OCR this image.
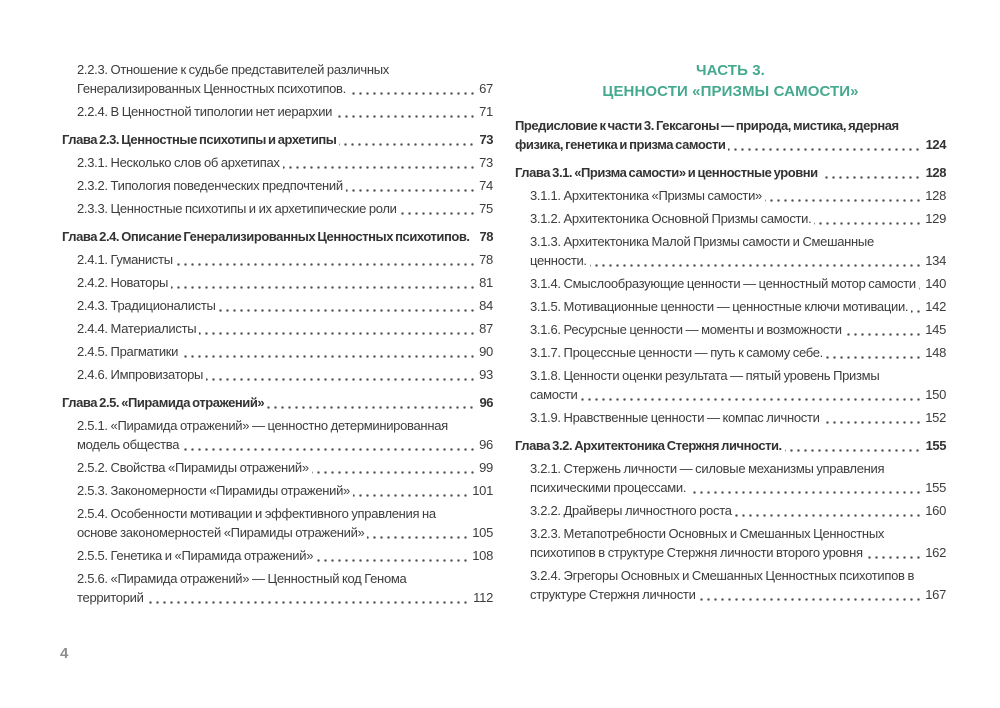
2.2.3. Отношение к судьбе представителей различных Генерализированных Ценностных психотипов.	67
2.2.4. В Ценностной типологии нет иерархии	71
Глава 2.3. Ценностные психотипы и архетипы	73
2.3.1. Несколько слов об архетипах	73
2.3.2. Типология поведенческих предпочтений	74
2.3.3. Ценностные психотипы и их архетипические роли	75
Глава 2.4. Описание Генерализированных Ценностных психотипов. 78
2.4.1. Гуманисты	78
2.4.2. Новаторы	81
2.4.3. Традиционалисты	84
2.4.4. Материалисты	87
2.4.5. Прагматики	90
2.4.6. Импровизаторы	93
Глава 2.5. «Пирамида отражений»	96
2.5.1. «Пирамида отражений» — ценностно детерминированная модель общества	96
2.5.2. Свойства «Пирамиды отражений»	99
2.5.3. Закономерности «Пирамиды отражений»	101
2.5.4. Особенности мотивации и эффективного управления на основе закономерностей «Пирамиды отражений»	105
2.5.5. Генетика и «Пирамида отражений»	108
2.5.6. «Пирамида отражений» — Ценностный код Генома территорий	112
ЧАСТЬ 3.
ЦЕННОСТИ «ПРИЗМЫ САМОСТИ»
Предисловие к части 3. Гексагоны — природа, мистика, ядерная физика, генетика и призма самости	124
Глава 3.1. «Призма самости» и ценностные уровни	128
3.1.1. Архитектоника «Призмы самости»	128
3.1.2. Архитектоника Основной Призмы самости.	129
3.1.3. Архитектоника Малой Призмы самости и Смешанные ценности.	134
3.1.4. Смыслообразующие ценности — ценностный мотор самости 140
3.1.5. Мотивационные ценности — ценностные ключи мотивации.	142
3.1.6. Ресурсные ценности — моменты и возможности	145
3.1.7. Процессные ценности — путь к самому себе.	148
3.1.8. Ценности оценки результата — пятый уровень Призмы самости	150
3.1.9. Нравственные ценности — компас личности	152
Глава 3.2. Архитектоника Стержня личности.	155
3.2.1. Стержень личности — силовые механизмы управления психическими процессами.	155
3.2.2. Драйверы личностного роста	160
3.2.3. Метапотребности Основных и Смешанных Ценностных психотипов в структуре Стержня личности второго уровня	162
3.2.4. Эгрегоры Основных и Смешанных Ценностных психотипов в структуре Стержня личности	167
4
